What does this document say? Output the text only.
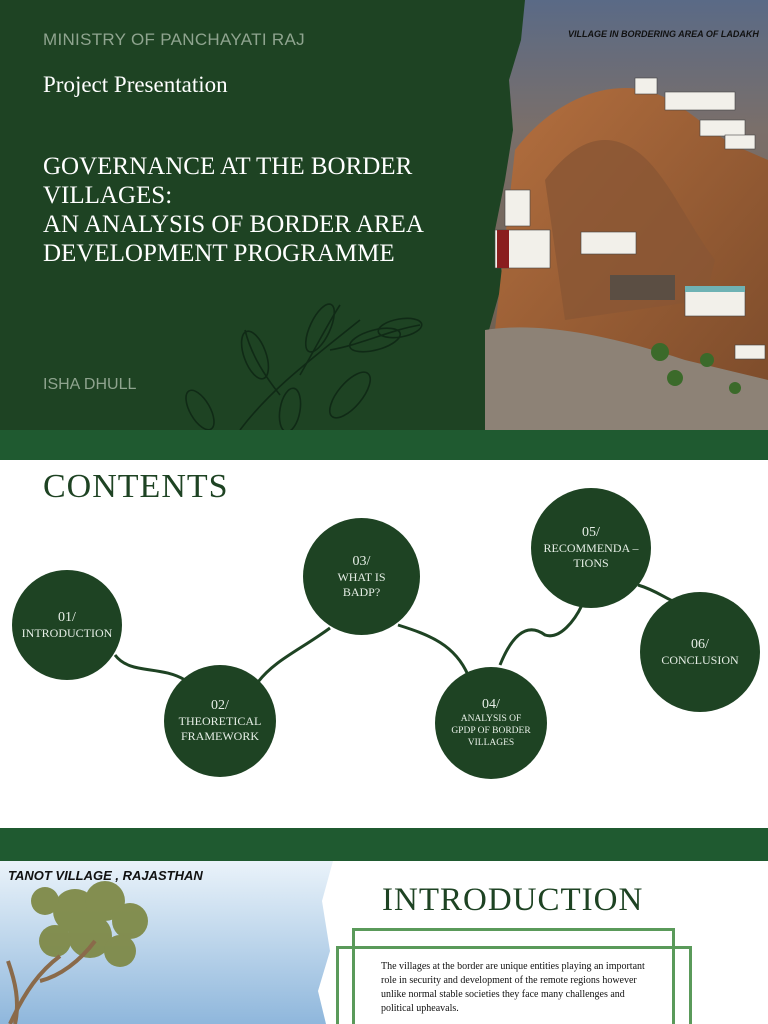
MINISTRY OF PANCHAYATI RAJ
Project Presentation
GOVERNANCE AT THE BORDER
VILLAGES:
AN ANALYSIS OF BORDER AREA
DEVELOPMENT PROGRAMME
ISHA DHULL
VILLAGE IN BORDERING AREA OF LADAKH
CONTENTS
01/
INTRODUCTION
02/
THEORETICAL FRAMEWORK
03/
WHAT IS BADP?
04/
ANALYSIS OF GPDP OF BORDER VILLAGES
05/
RECOMMENDA –TIONS
06/
CONCLUSION
TANOT VILLAGE , RAJASTHAN
INTRODUCTION
The villages at the border are unique entities playing an important role in security and development of the remote regions however unlike normal stable societies they face many challenges and political upheavals.
